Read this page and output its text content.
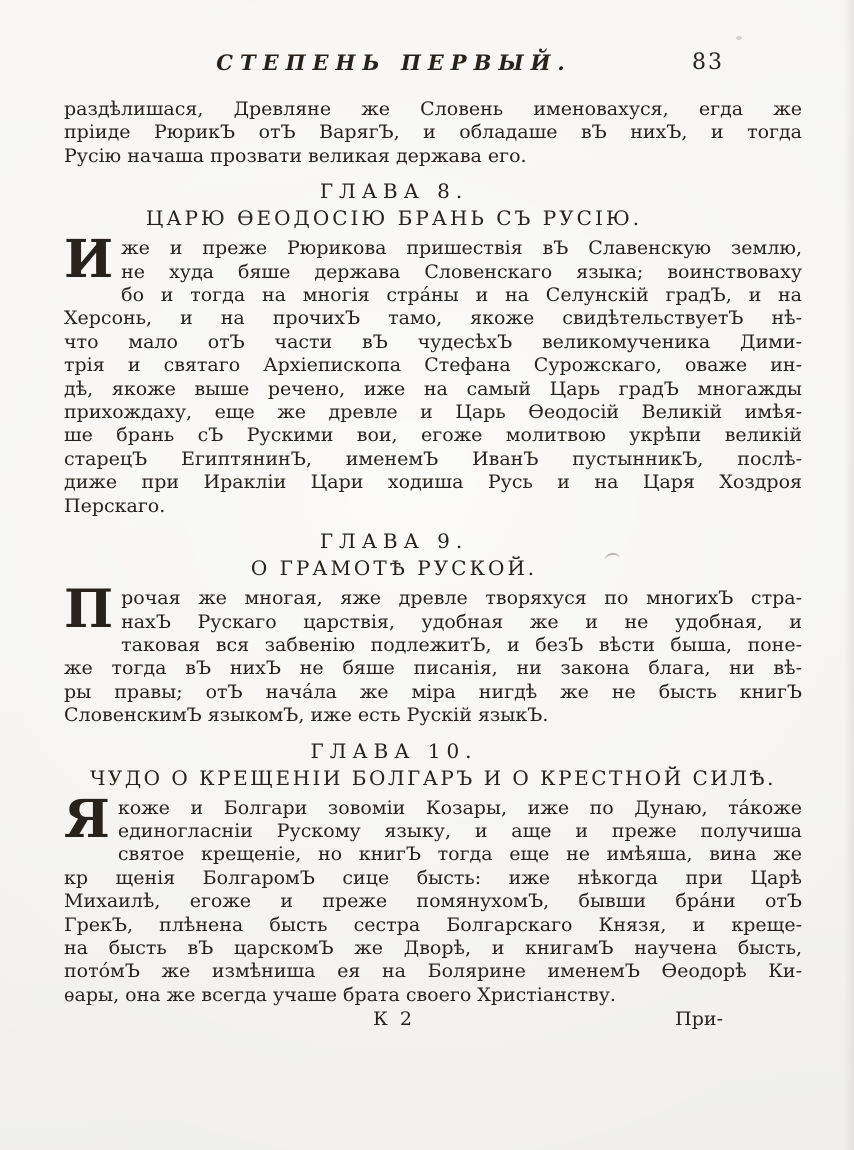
СТЕПЕНЬ ПЕРВЫЙ.	83
раздѣлишася, Древляне же Словень именовахуся, егда же
пріиде РюрикЪ отЪ ВарягЪ, и обладаше вЪ нихЪ, и тогда
Русію начаша прозвати великая держава его.
ГЛАВА 8.
ЦАРЮ ѲЕОДОСІЮ БРАНЬ СЪ РУСІЮ.
И же и преже Рюрикова пришествія вЪ Славенскую землю,
не худа бяше держава Словенскаго языка; воинствоваху
бо и тогда на многія стра́ны и на Селунскій градЪ, и на
Херсонь, и на прочихЪ тамо, якоже свидѣтельствуетЪ нѣ-
что мало отЪ части вЪ чудесѣхЪ великомученика Дими-
трія и святаго Архіепископа Стефана Сурожскаго, оваже ин-
дѣ, якоже выше речено, иже на самый Царь градЪ многажды
прихождаху, еще же древле и Царь Ѳеодосій Великій имѣя-
ше брань сЪ Рускими вои, егоже молитвою укрѣпи великій
старецЪ ЕгиптянинЪ, именемЪ ИванЪ пустынникЪ, послѣ-
диже при Иракліи Цари ходиша Русь и на Царя Хоздроя
Перскаго.
ГЛАВА 9.
О ГРАМОТѢ РУСКОЙ.
П рочая же многая, яже древле творяхуся по многихЪ стра-
нахЪ Рускаго царствія, удобная же и не удобная, и
таковая вся забвенію подлежитЪ, и безЪ вѣсти быша, поне-
же тогда вЪ нихЪ не бяше писанія, ни закона блага, ни вѣ-
ры правы; отЪ нача́ла же міра нигдѣ же не бысть книгЪ
СловенскимЪ языкомЪ, иже есть Рускій языкЪ.
ГЛАВА 10.
ЧУДО О КРЕЩЕНІИ БОЛГАРЪ И О КРЕСТНОЙ СИЛѢ.
Я коже и Болгари зовоміи Козары, иже по Дунаю, та́коже
единогласніи Рускому языку, и аще и преже получиша
святое крещеніе, но книгЪ тогда еще не имѣяша, вина же
кр щенія БолгаромЪ сице бысть: иже нѣкогда при Царѣ
Михаилѣ, егоже и преже помянухомЪ, бывши бра́ни отЪ
ГрекЪ, плѣнена бысть сестра Болгарскаго Князя, и креще-
на бысть вЪ царскомЪ же Дворѣ, и книгамЪ научена бысть,
пото́мЪ же измѣниша ея на Болярине именемЪ Ѳеодорѣ Ки-
ѳары, она же всегда учаше брата своего Христіанству.
К 2	При-
